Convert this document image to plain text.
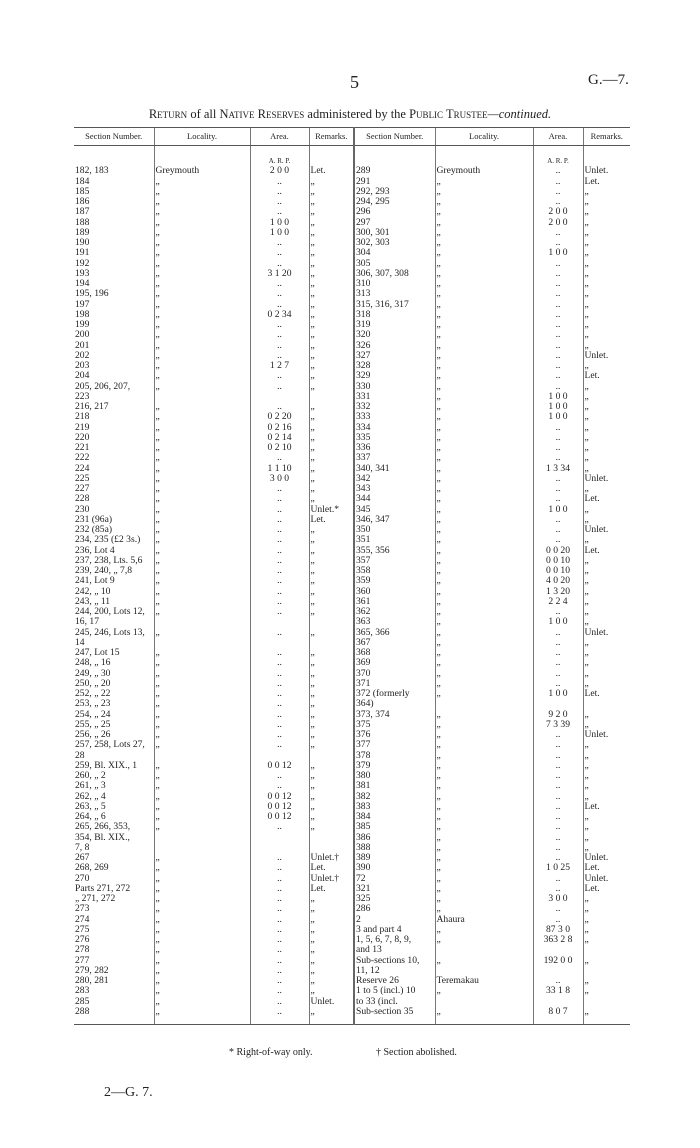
5	G.—7.
Return of all Native Reserves administered by the Public Trustee—continued.
Section Number.	Locality.	Area.	Remarks.	Section Number.	Locality.	Area.	Remarks.
		A. R. P.				A. R. P.	
182, 183	Greymouth	2 0 0	Let.	289	Greymouth	..	Unlet.
184	„	..	„	291	„	..	Let.
185	„	..	„	292, 293	„	..	„
186	„	..	„	294, 295	„	..	„
187	„	..	„	296	„	2 0 0	„
188	„	1 0 0	„	297	„	2 0 0	„
189	„	1 0 0	„	300, 301	„	..	„
190	„	..	„	302, 303	„	..	„
191	„	..	„	304	„	1 0 0	„
192	„	..	„	305	„	..	„
193	„	3 1 20	„	306, 307, 308	„	..	„
194	„	..	„	310	„	..	„
195, 196	„	..	„	313	„	..	„
197	„	..	„	315, 316, 317	„	..	„
198	„	0 2 34	„	318	„	..	„
199	„	..	„	319	„	..	„
200	„	..	„	320	„	..	„
201	„	..	„	326	„	..	„
202	„	..	„	327	„	..	Unlet.
203	„	1 2 7	„	328	„	..	„
204	„	..	„	329	„	..	Let.
205, 206, 207,	„	..	„	330	„	..	„
223				331	„	1 0 0	„
216, 217	„	..	„	332	„	1 0 0	„
218	„	0 2 20	„	333	„	1 0 0	„
219	„	0 2 16	„	334	„	..	„
220	„	0 2 14	„	335	„	..	„
221	„	0 2 10	„	336	„	..	„
222	„	..	„	337	„	..	„
224	„	1 1 10	„	340, 341	„	1 3 34	„
225	„	3 0 0	„	342	„	..	Unlet.
227	„	..	„	343	„	..	„
228	„	..	„	344	„	..	Let.
230	„	..	Unlet.*	345	„	1 0 0	„
231 (96a)	„	..	Let.	346, 347	„	..	„
232 (85a)	„	..	„	350	„	..	Unlet.
234, 235 (£2 3s.)	„	..	„	351	„	..	„
236, Lot 4	„	..	„	355, 356	„	0 0 20	Let.
237, 238, Lts. 5,6	„	..	„	357	„	0 0 10	„
239, 240, „ 7,8	„	..	„	358	„	0 0 10	„
241, Lot 9	„	..	„	359	„	4 0 20	„
242, „ 10	„	..	„	360	„	1 3 20	„
243, „ 11	„	..	„	361	„	2 2 4	„
244, 200, Lots 12,	„	..	„	362	„	..	„
16, 17				363	„	1 0 0	„
245, 246, Lots 13,	„	..	„	365, 366	„	..	Unlet.
14				367	„	..	„
247, Lot 15	„	..	„	368	„	..	„
248, „ 16	„	..	„	369	„	..	„
249, „ 30	„	..	„	370	„	..	„
250, „ 20	„	..	„	371	„	..	„
252, „ 22	„	..	„	372 (formerly	„	1 0 0	Let.
253, „ 23	„	..	„	364)			
254, „ 24	„	..	„	373, 374	„	9 2 0	„
255, „ 25	„	..	„	375	„	7 3 39	„
256, „ 26	„	..	„	376	„	..	Unlet.
257, 258, Lots 27,	„	..	„	377	„	..	„
28				378	„	..	„
259, Bl. XIX., 1	„	0 0 12	„	379	„	..	„
260, „ 2	„	..	„	380	„	..	„
261, „ 3	„	..	„	381	„	..	„
262, „ 4	„	0 0 12	„	382	„	..	„
263, „ 5	„	0 0 12	„	383	„	..	Let.
264, „ 6	„	0 0 12	„	384	„	..	„
265, 266, 353,	„	..	„	385	„	..	„
354, Bl. XIX.,				386	„	..	„
7, 8				388	„	..	„
267	„	..	Unlet.†	389	„	..	Unlet.
268, 269	„	..	Let.	390	„	1 0 25	Let.
270	„	..	Unlet.†	72	„	..	Unlet.
Parts 271, 272	„	..	Let.	321	„	..	Let.
„ 271, 272	„	..	„	325	„	3 0 0	„
273	„	..	„	286	„	..	„
274	„	..	„	2	Ahaura	..	„
275	„	..	„	3 and part 4	„	87 3 0	„
276	„	..	„	1, 5, 6, 7, 8, 9,	„	363 2 8	„
278	„	..	„	and 13			
277	„	..	„	Sub-sections 10,	„	192 0 0	„
279, 282	„	..	„	11, 12			
280, 281	„	..	„	Reserve 26	Teremakau	..	„
283	„	..	„	1 to 5 (incl.) 10	„	33 1 8	„
285	„	..	Unlet.	to 33 (incl.			
288	„	..	„	Sub-section 35	„	8 0 7	„

* Right-of-way only.	† Section abolished.
2—G. 7.
